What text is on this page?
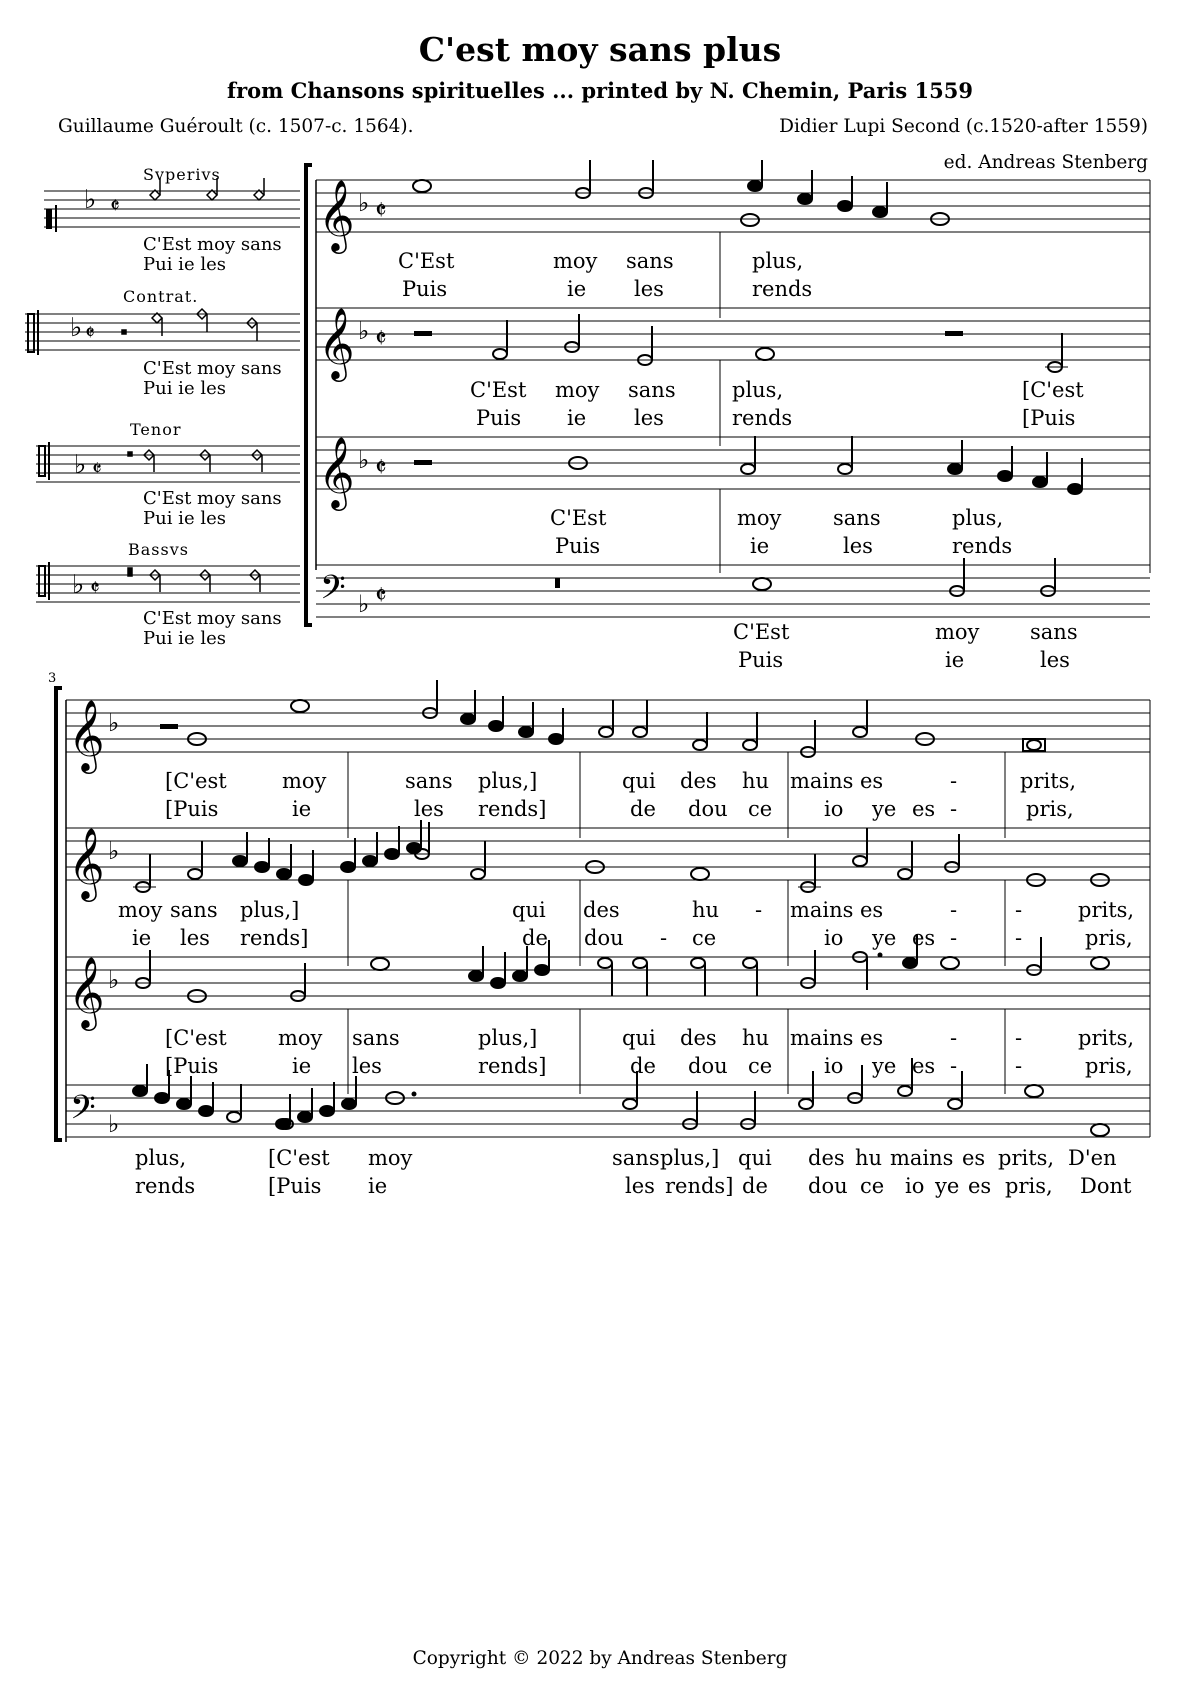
C'est moy sans plus
from Chansons spirituelles ... printed by N. Chemin, Paris 1559
Guillaume Guéroult (c. 1507-c. 1564).	Didier Lupi Second (c.1520-after 1559)
ed. Andreas Stenberg
Svperivs
♭ 𝄵
C'Est moy sans
Pui ie les
Contrat.
♭ 𝄵
C'Est moy sans
Pui ie les
Tenor
♭ 𝄵
C'Est moy sans
Pui ie les
Bassvs
♭ 𝄵
C'Est moy sans
Pui ie les
𝄞 ♭ 𝄵
C'Est	moy sans	plus,
Puis	ie les	rends
𝄞 ♭ 𝄵
C'Est moy sans	plus,	[C'est
Puis ie les	rends	[Puis
𝄞 ♭ 𝄵
C'Est	moy sans	plus,
Puis	ie	les	rends
𝄢 ♭ 𝄵
C'Est	moy sans
Puis	ie	les
3
𝄞 ♭
[C'est	moy	sans plus,]	qui des hu mains es	-	prits,
[Puis	ie	les rends]	de dou ce io ye es -	pris,
𝄞 ♭
moy sans plus,]	qui des	hu - mains es	-	-	prits,
ie les rends]	de dou - ce	io ye es -	-	pris,
𝄞 ♭
[C'est moy sans	plus,]	qui des hu mains es	-	-	prits,
[Puis	ie les	rends]	de dou ce io ye es -	-	pris,
𝄢 ♭
plus,	[C'est moy	sans plus,] qui des hu mains es prits, D'en
rends	[Puis ie	les rends] de dou ce io ye es pris, Dont
Copyright © 2022 by Andreas Stenberg
